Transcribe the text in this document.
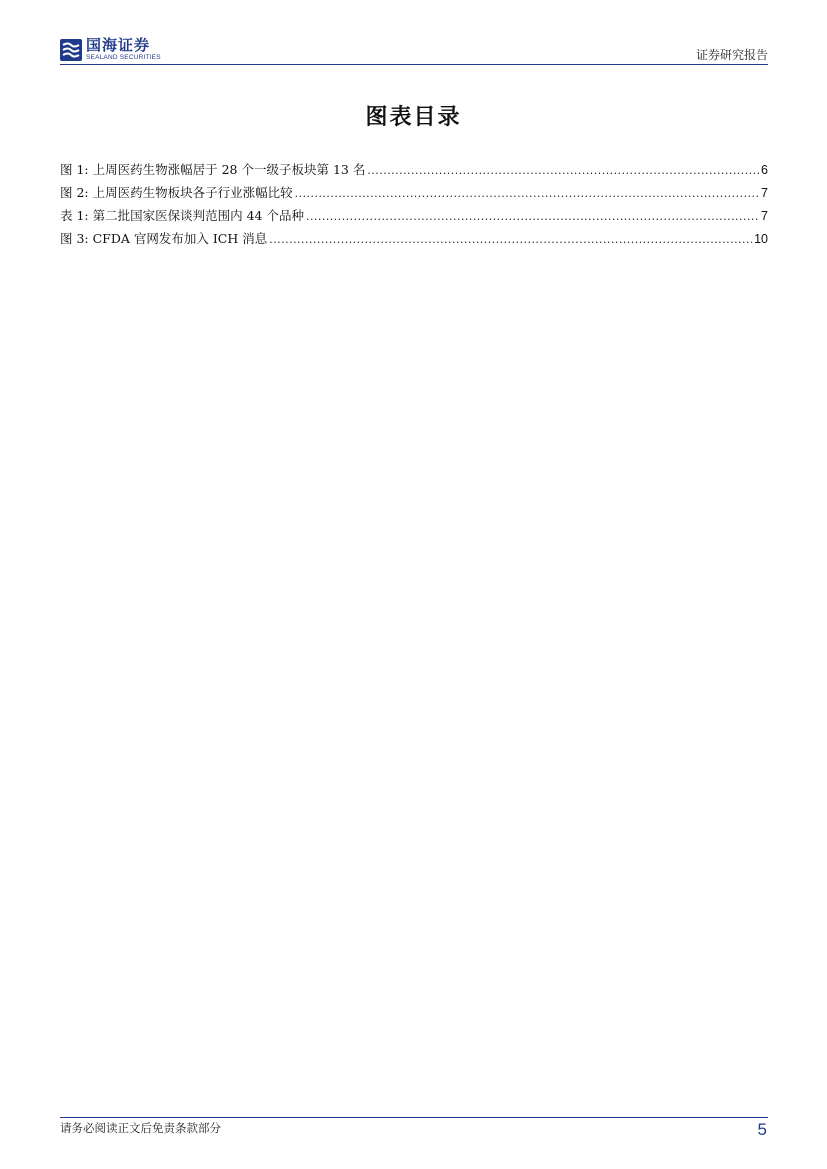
国海证券
SEALAND SECURITIES	证券研究报告
图表目录
图 1: 上周医药生物涨幅居于 28 个一级子板块第 13 名 .....	6
图 2: 上周医药生物板块各子行业涨幅比较 .....	7
表 1: 第二批国家医保谈判范围内 44 个品种 .....	7
图 3: CFDA 官网发布加入 ICH 消息 .....	10
请务必阅读正文后免责条款部分	5
